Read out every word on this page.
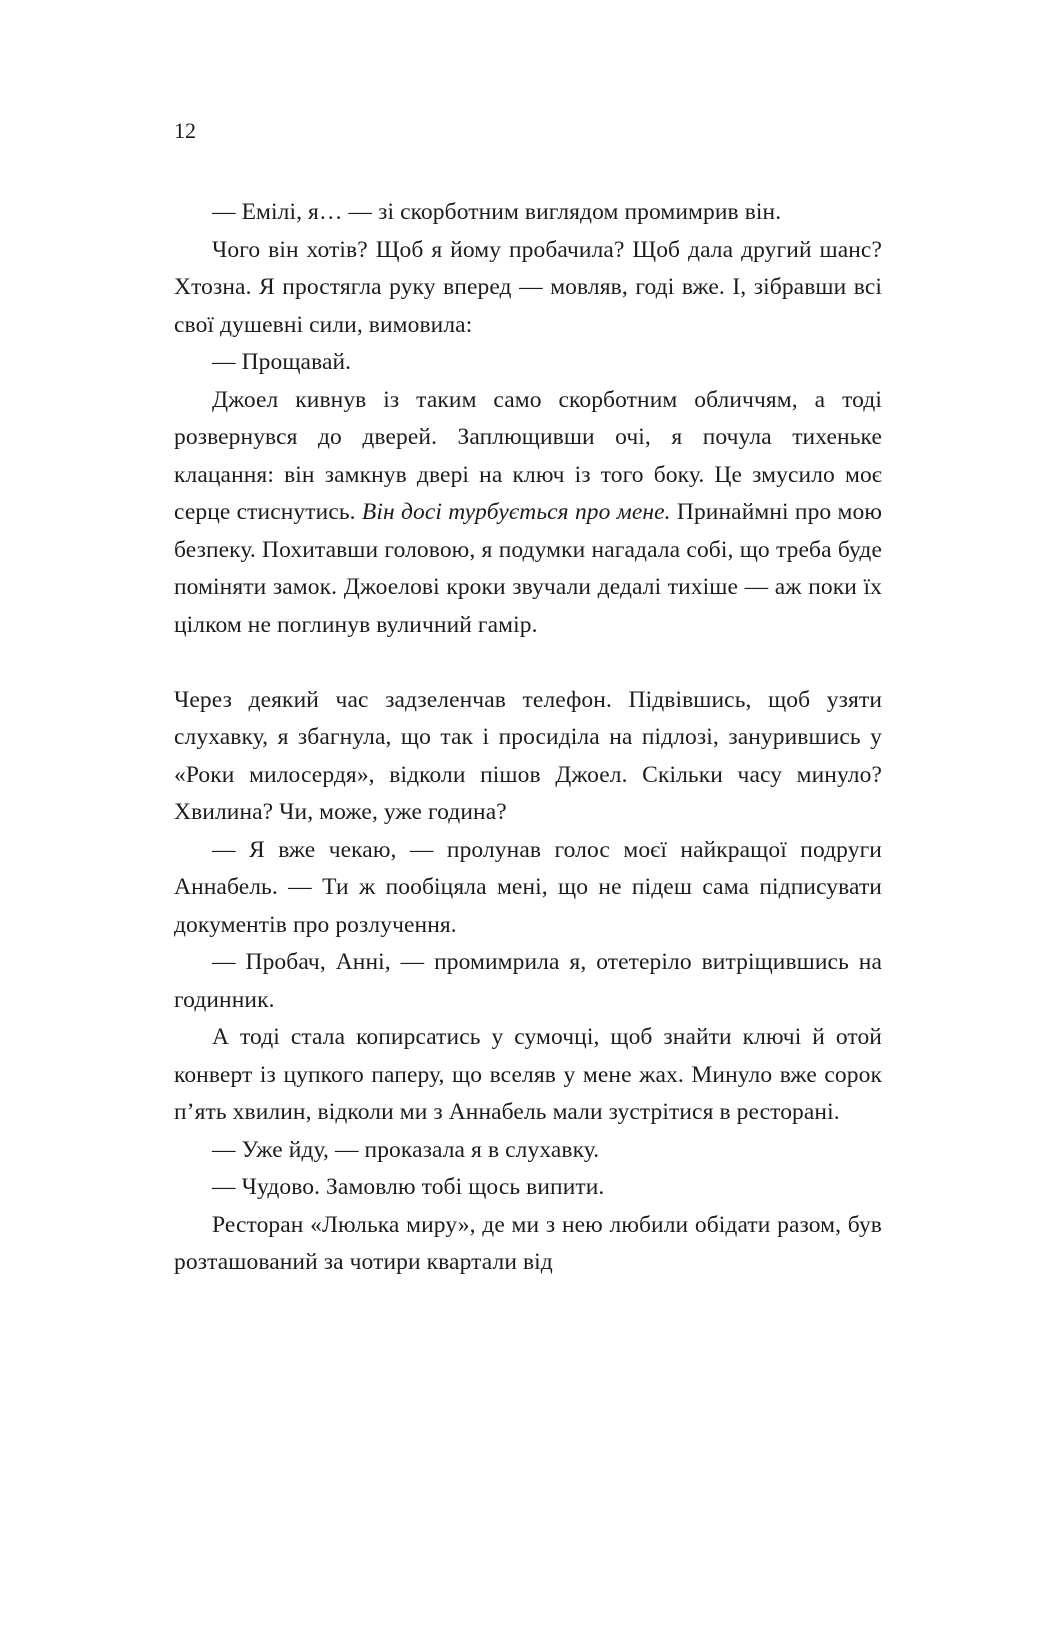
12

— Емілі, я… — зі скорботним виглядом промимрив він.

Чого він хотів? Щоб я йому пробачила? Щоб дала другий шанс? Хтозна. Я простягла руку вперед — мовляв, годі вже. І, зібравши всі свої душевні сили, вимовила:

— Прощавай.

Джоел кивнув із таким само скорботним обличчям, а тоді розвернувся до дверей. Заплющивши очі, я почула тихеньке клацання: він замкнув двері на ключ із того боку. Це змусило моє серце стиснутись. Він досі турбується про мене. Принаймні про мою безпеку. Похитавши головою, я подумки нагадала собі, що треба буде поміняти замок. Джоелові кроки звучали дедалі тихіше — аж поки їх цілком не поглинув вуличний гамір.

Через деякий час задзеленчав телефон. Підвівшись, щоб узяти слухавку, я збагнула, що так і просиділа на підлозі, занурившись у «Роки милосердя», відколи пішов Джоел. Скільки часу минуло? Хвилина? Чи, може, уже година?

— Я вже чекаю, — пролунав голос моєї найкращої подруги Аннабель. — Ти ж пообіцяла мені, що не підеш сама підписувати документів про розлучення.

— Пробач, Анні, — промимрила я, отетеріло витріщившись на годинник.

А тоді стала копирсатись у сумочці, щоб знайти ключі й отой конверт із цупкого паперу, що вселяв у мене жах. Минуло вже сорок п’ять хвилин, відколи ми з Аннабель мали зустрітися в ресторані.

— Уже йду, — проказала я в слухавку.

— Чудово. Замовлю тобі щось випити.

Ресторан «Люлька миру», де ми з нею любили обідати разом, був розташований за чотири квартали від
